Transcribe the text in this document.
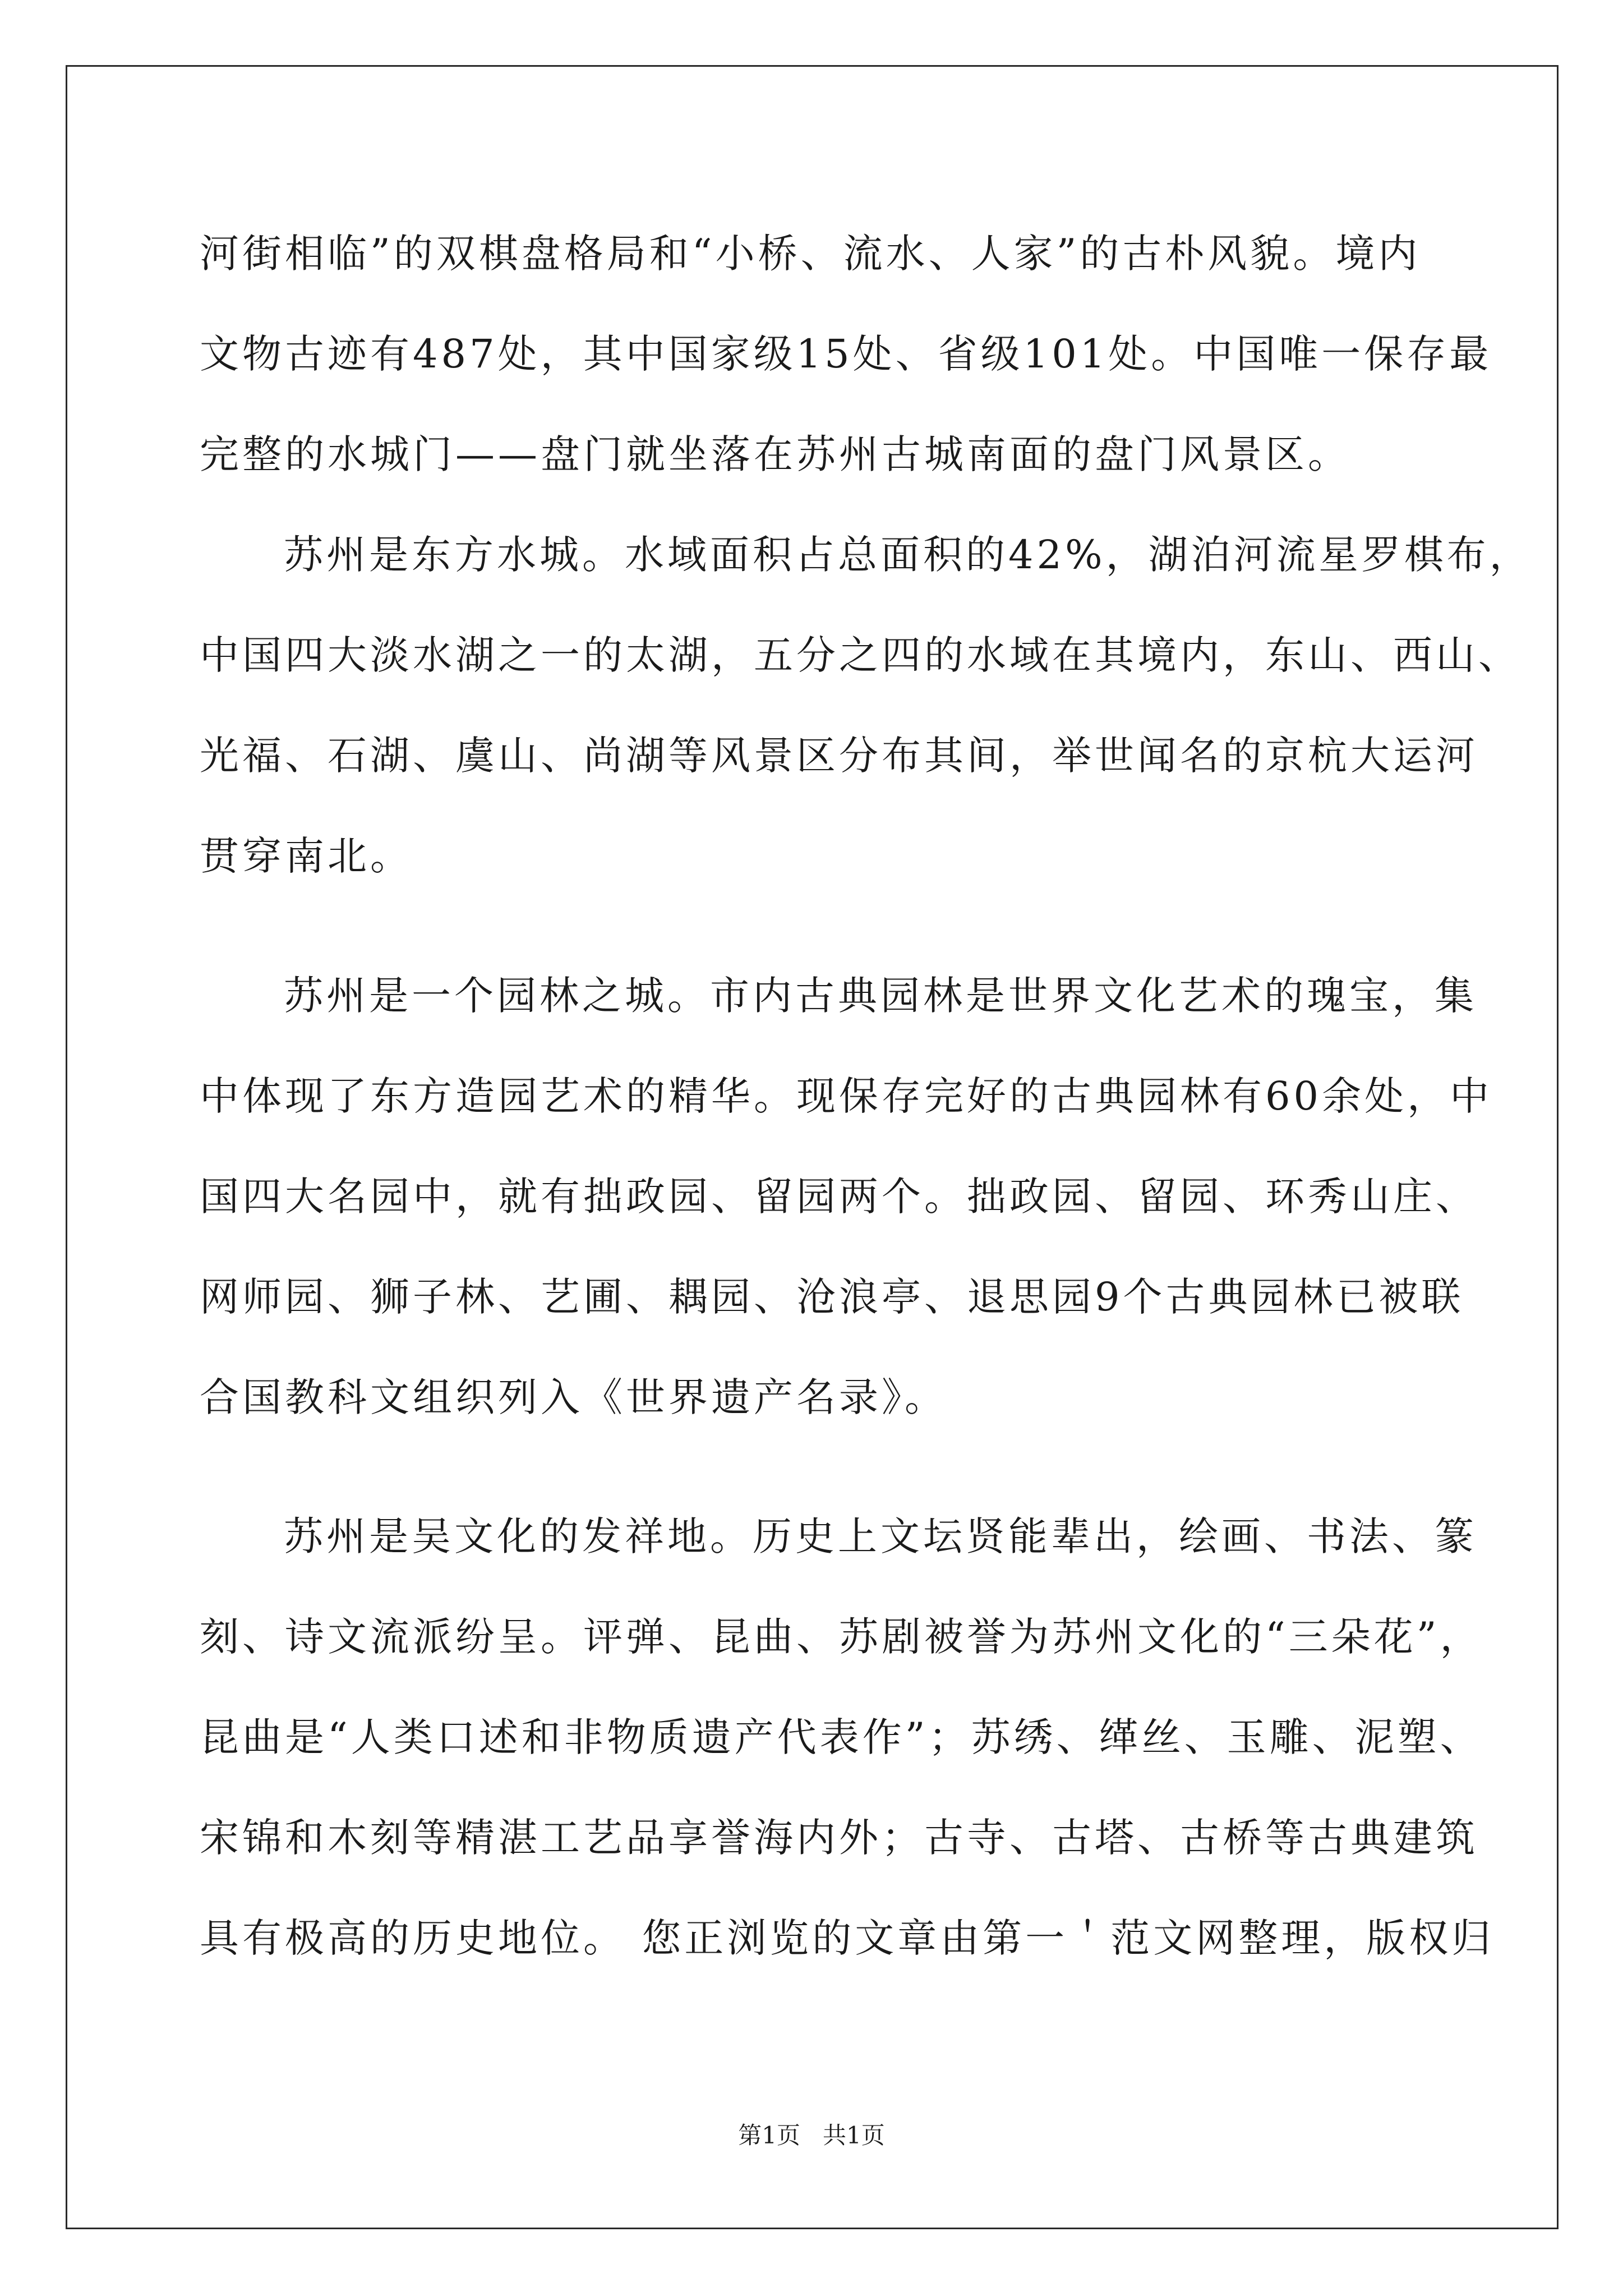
河街相临”的双棋盘格局和“小桥、流水、人家”的古朴风貌。境内
文物古迹有487处，其中国家级15处、省级101处。中国唯一保存最
完整的水城门——盘门就坐落在苏州古城南面的盘门风景区。
苏州是东方水城。水域面积占总面积的42%，湖泊河流星罗棋布，
中国四大淡水湖之一的太湖，五分之四的水域在其境内，东山、西山、
光福、石湖、虞山、尚湖等风景区分布其间，举世闻名的京杭大运河
贯穿南北。
苏州是一个园林之城。市内古典园林是世界文化艺术的瑰宝，集
中体现了东方造园艺术的精华。现保存完好的古典园林有60余处，中
国四大名园中，就有拙政园、留园两个。拙政园、留园、环秀山庄、
网师园、狮子林、艺圃、耦园、沧浪亭、退思园9个古典园林已被联
合国教科文组织列入《世界遗产名录》。
苏州是吴文化的发祥地。历史上文坛贤能辈出，绘画、书法、篆
刻、诗文流派纷呈。评弹、昆曲、苏剧被誉为苏州文化的“三朵花”，
昆曲是“人类口述和非物质遗产代表作”；苏绣、缂丝、玉雕、泥塑、
宋锦和木刻等精湛工艺品享誉海内外；古寺、古塔、古桥等古典建筑
具有极高的历史地位。 您正浏览的文章由第一＇范文网整理，版权归
第1页   共1页
